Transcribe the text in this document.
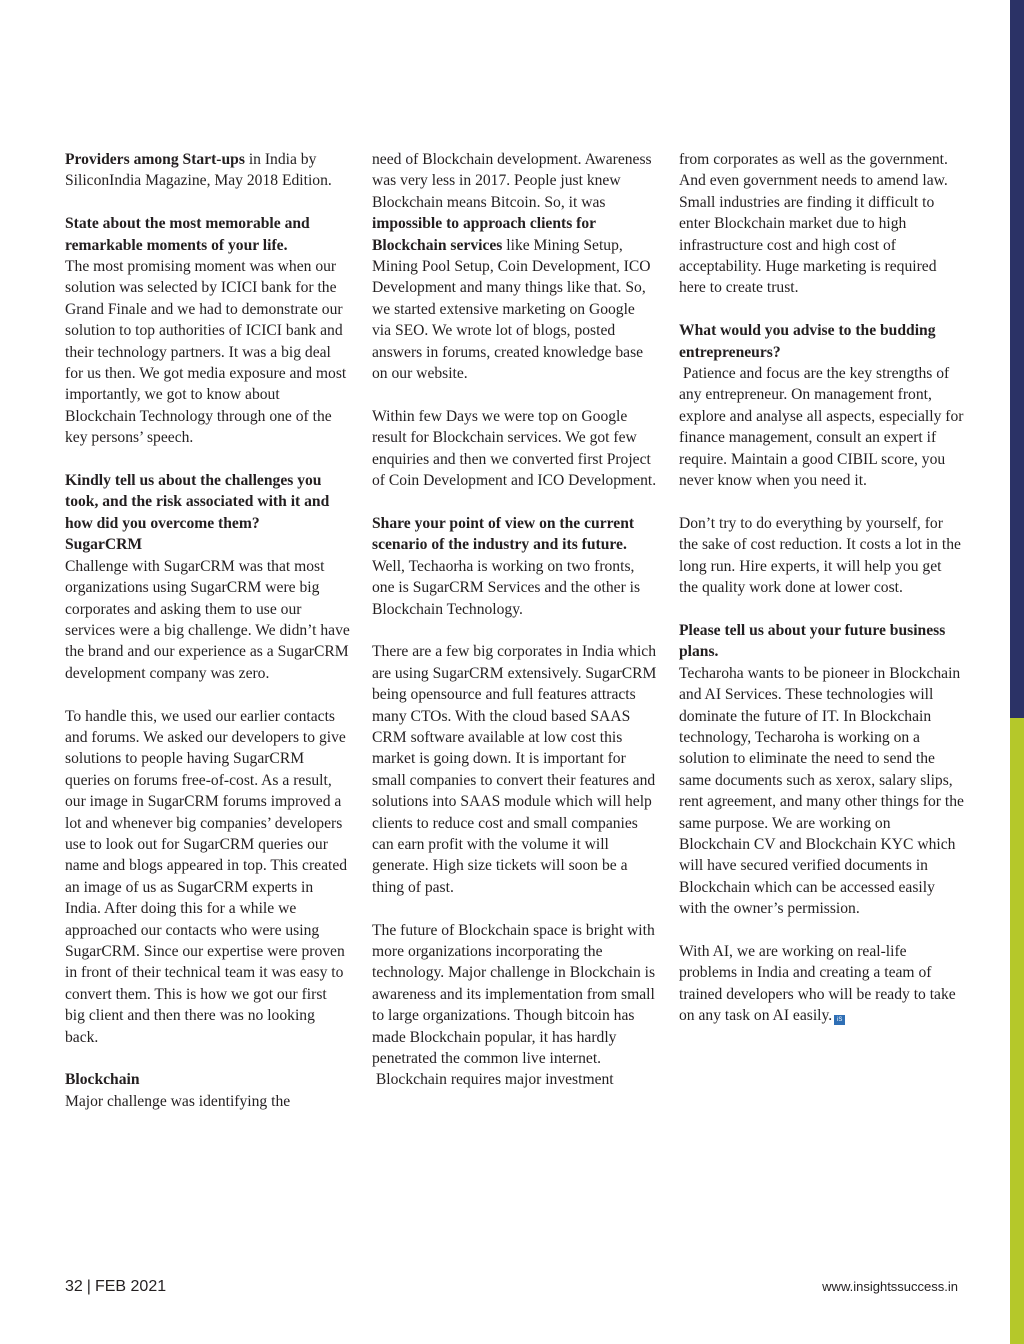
Providers among Start-ups in India by SiliconIndia Magazine, May 2018 Edition.

State about the most memorable and remarkable moments of your life.

The most promising moment was when our solution was selected by ICICI bank for the Grand Finale and we had to demonstrate our solution to top authorities of ICICI bank and their technology partners. It was a big deal for us then. We got media exposure and most importantly, we got to know about Blockchain Technology through one of the key persons’ speech.

Kindly tell us about the challenges you took, and the risk associated with it and how did you overcome them?

SugarCRM

Challenge with SugarCRM was that most organizations using SugarCRM were big corporates and asking them to use our services were a big challenge. We didn’t have the brand and our experience as a SugarCRM development company was zero.

To handle this, we used our earlier contacts and forums. We asked our developers to give solutions to people having SugarCRM queries on forums free-of-cost. As a result, our image in SugarCRM forums improved a lot and whenever big companies’ developers use to look out for SugarCRM queries our name and blogs appeared in top. This created an image of us as SugarCRM experts in India. After doing this for a while we approached our contacts who were using SugarCRM. Since our expertise were proven in front of their technical team it was easy to convert them. This is how we got our first big client and then there was no looking back.

Blockchain

Major challenge was identifying the

need of Blockchain development. Awareness was very less in 2017. People just knew Blockchain means Bitcoin. So, it was impossible to approach clients for Blockchain services like Mining Setup, Mining Pool Setup, Coin Development, ICO Development and many things like that. So, we started extensive marketing on Google via SEO. We wrote lot of blogs, posted answers in forums, created knowledge base on our website.

Within few Days we were top on Google result for Blockchain services. We got few enquiries and then we converted first Project of Coin Development and ICO Development.

Share your point of view on the current scenario of the industry and its future.

Well, Techaorha is working on two fronts, one is SugarCRM Services and the other is Blockchain Technology.

There are a few big corporates in India which are using SugarCRM extensively. SugarCRM being opensource and full features attracts many CTOs. With the cloud based SAAS CRM software available at low cost this market is going down. It is important for small companies to convert their features and solutions into SAAS module which will help clients to reduce cost and small companies can earn profit with the volume it will generate. High size tickets will soon be a thing of past.

The future of Blockchain space is bright with more organizations incorporating the technology. Major challenge in Blockchain is awareness and its implementation from small to large organizations. Though bitcoin has made Blockchain popular, it has hardly penetrated the common live internet.

Blockchain requires major investment

from corporates as well as the government. And even government needs to amend law. Small industries are finding it difficult to enter Blockchain market due to high infrastructure cost and high cost of acceptability. Huge marketing is required here to create trust.

What would you advise to the budding entrepreneurs?

Patience and focus are the key strengths of any entrepreneur. On management front, explore and analyse all aspects, especially for finance management, consult an expert if require. Maintain a good CIBIL score, you never know when you need it.

Don’t try to do everything by yourself, for the sake of cost reduction. It costs a lot in the long run. Hire experts, it will help you get the quality work done at lower cost.

Please tell us about your future business plans.

Techaroha wants to be pioneer in Blockchain and AI Services. These technologies will dominate the future of IT. In Blockchain technology, Techaroha is working on a solution to eliminate the need to send the same documents such as xerox, salary slips, rent agreement, and many other things for the same purpose. We are working on Blockchain CV and Blockchain KYC which will have secured verified documents in Blockchain which can be accessed easily with the owner’s permission.

With AI, we are working on real-life problems in India and creating a team of trained developers who will be ready to take on any task on AI easily. iS

32 | FEB 2021	www.insightssuccess.in
